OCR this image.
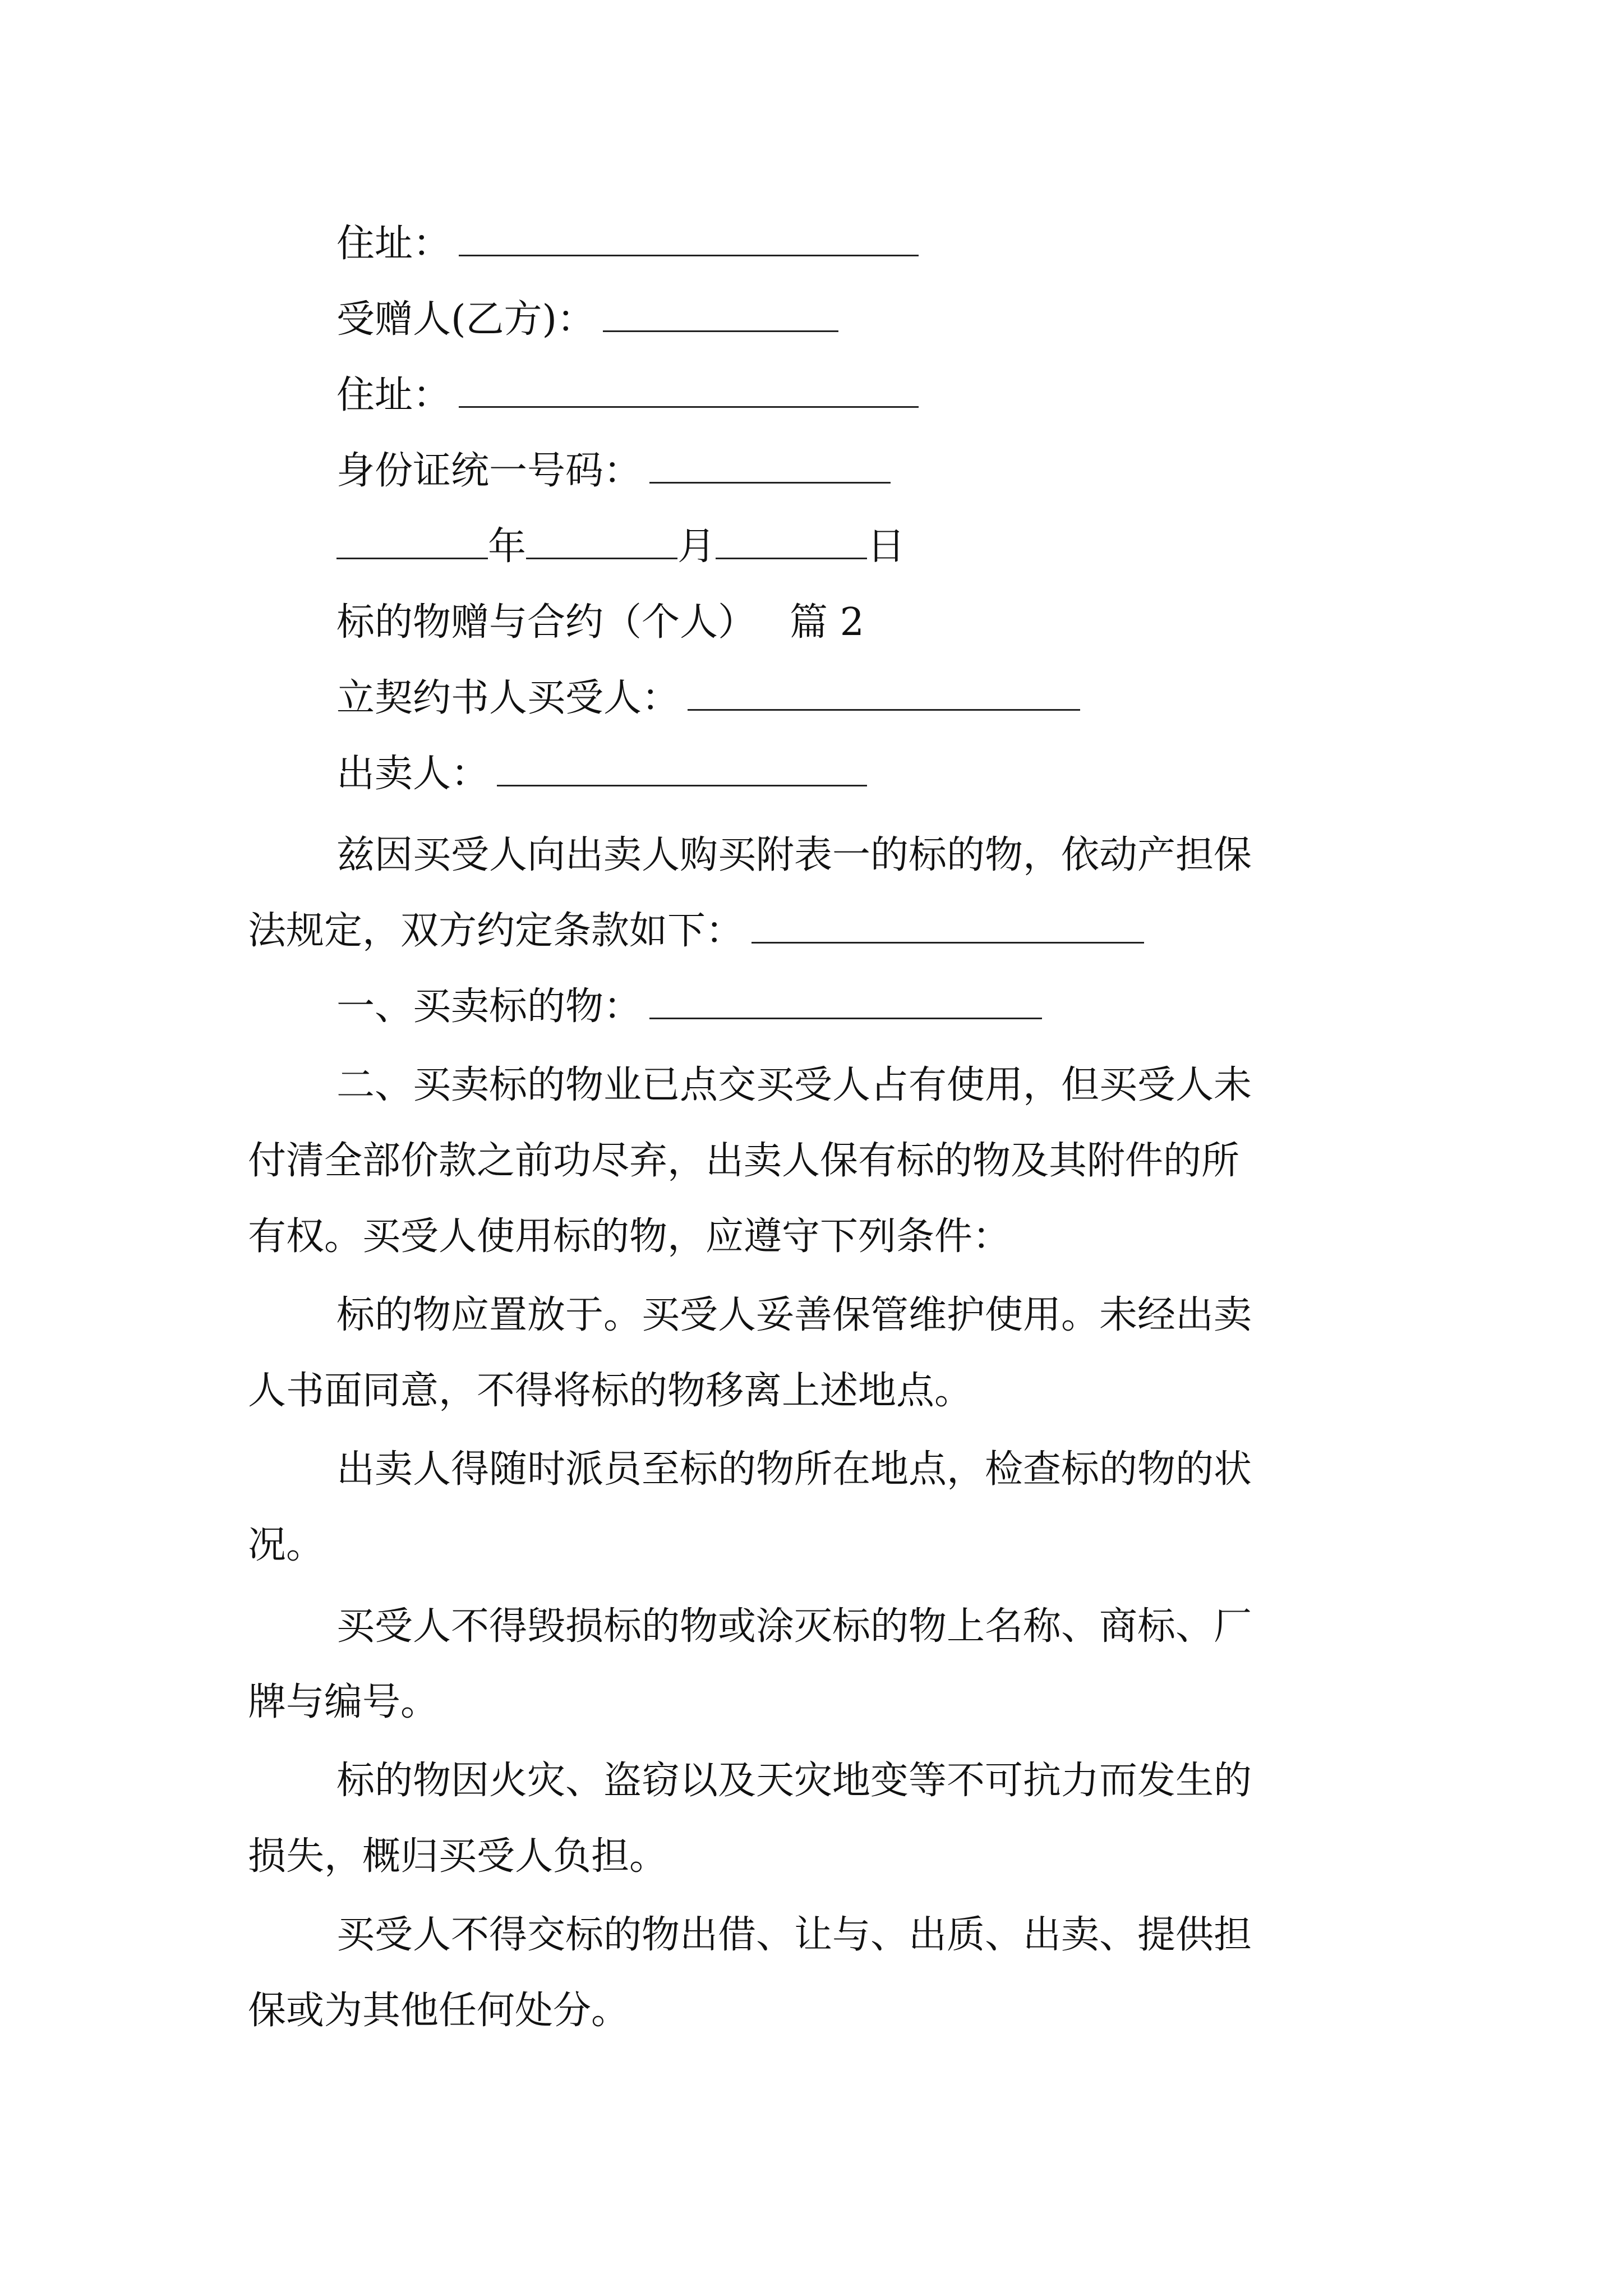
住址：
受赠人(乙方)：
住址：
身份证统一号码：
年	月	日
标的物赠与合约（个人） 篇 2
立契约书人买受人：
出卖人：
兹因买受人向出卖人购买附表一的标的物，依动产担保
法规定，双方约定条款如下：
一、买卖标的物：
二、买卖标的物业已点交买受人占有使用，但买受人未
付清全部价款之前功尽弃，出卖人保有标的物及其附件的所
有权。买受人使用标的物，应遵守下列条件：
标的物应置放于。买受人妥善保管维护使用。未经出卖
人书面同意，不得将标的物移离上述地点。
出卖人得随时派员至标的物所在地点，检查标的物的状
况。
买受人不得毁损标的物或涂灭标的物上名称、商标、厂
牌与编号。
标的物因火灾、盗窃以及天灾地变等不可抗力而发生的
损失，概归买受人负担。
买受人不得交标的物出借、让与、出质、出卖、提供担
保或为其他任何处分。
